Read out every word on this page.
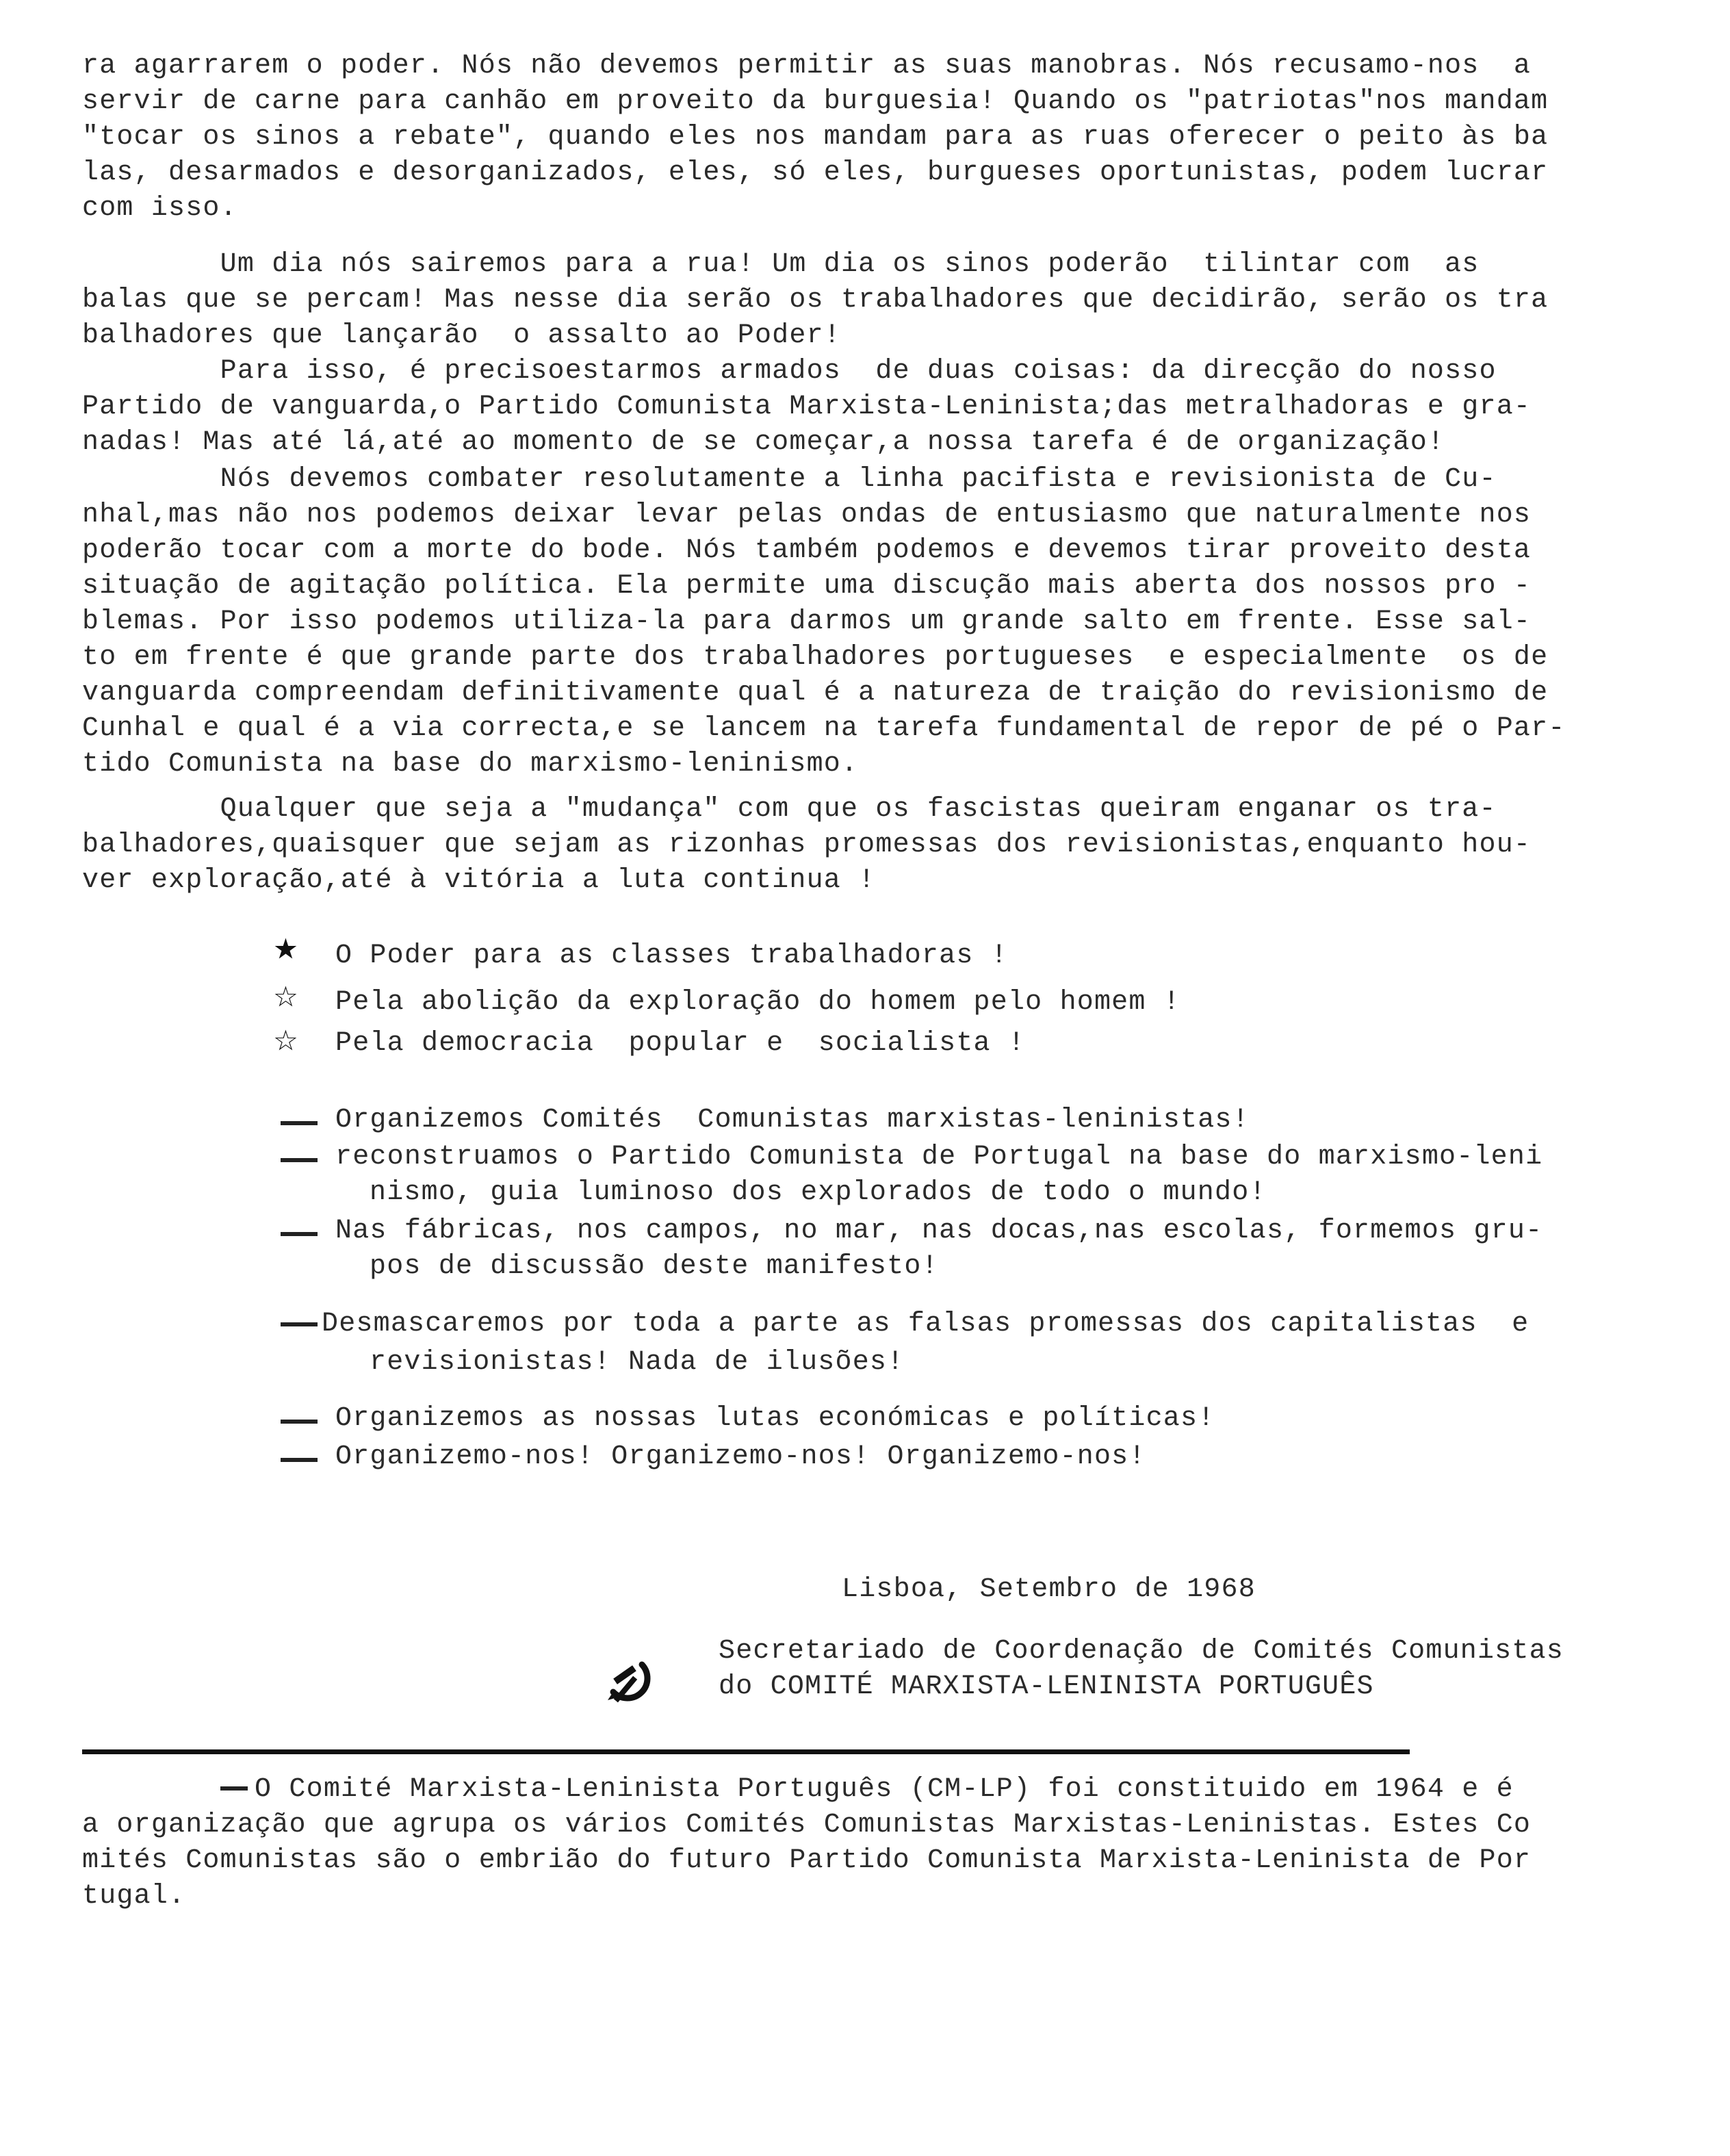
ra agarrarem o poder. Nós não devemos permitir as suas manobras. Nós recusamo-nos  a
servir de carne para canhão em proveito da burguesia! Quando os "patriotas"nos mandam
"tocar os sinos a rebate", quando eles nos mandam para as ruas oferecer o peito às ba
las, desarmados e desorganizados, eles, só eles, burgueses oportunistas, podem lucrar
com isso.
Um dia nós sairemos para a rua! Um dia os sinos poderão  tilintar com  as
balas que se percam! Mas nesse dia serão os trabalhadores que decidirão, serão os tra
balhadores que lançarão  o assalto ao Poder!
Para isso, é precisoestarmos armados  de duas coisas: da direcção do nosso
Partido de vanguarda,o Partido Comunista Marxista-Leninista;das metralhadoras e gra-
nadas! Mas até lá,até ao momento de se começar,a nossa tarefa é de organização!
Nós devemos combater resolutamente a linha pacifista e revisionista de Cu-
nhal,mas não nos podemos deixar levar pelas ondas de entusiasmo que naturalmente nos
poderão tocar com a morte do bode. Nós também podemos e devemos tirar proveito desta
situação de agitação política. Ela permite uma discução mais aberta dos nossos pro -
blemas. Por isso podemos utiliza-la para darmos um grande salto em frente. Esse sal-
to em frente é que grande parte dos trabalhadores portugueses  e especialmente  os de
vanguarda compreendam definitivamente qual é a natureza de traição do revisionismo de
Cunhal e qual é a via correcta,e se lancem na tarefa fundamental de repor de pé o Par-
tido Comunista na base do marxismo-leninismo.
Qualquer que seja a "mudança" com que os fascistas queiram enganar os tra-
balhadores,quaisquer que sejam as rizonhas promessas dos revisionistas,enquanto hou-
ver exploração,até à vitória a luta continua !
★ O Poder para as classes trabalhadoras !
☆ Pela abolição da exploração do homem pelo homem !
☆ Pela democracia  popular e  socialista !
Organizemos Comités  Comunistas marxistas-leninistas!
reconstruamos o Partido Comunista de Portugal na base do marxismo-leni
nismo, guia luminoso dos explorados de todo o mundo!
Nas fábricas, nos campos, no mar, nas docas,nas escolas, formemos gru-
pos de discussão deste manifesto!
Desmascaremos por toda a parte as falsas promessas dos capitalistas  e
revisionistas! Nada de ilusões!
Organizemos as nossas lutas económicas e políticas!
Organizemo-nos! Organizemo-nos! Organizemo-nos!
Lisboa, Setembro de 1968
Secretariado de Coordenação de Comités Comunistas
do COMITÉ MARXISTA-LENINISTA PORTUGUÊS
O Comité Marxista-Leninista Português (CM-LP) foi constituido em 1964 e é
a organização que agrupa os vários Comités Comunistas Marxistas-Leninistas. Estes Co
mités Comunistas são o embrião do futuro Partido Comunista Marxista-Leninista de Por
tugal.
